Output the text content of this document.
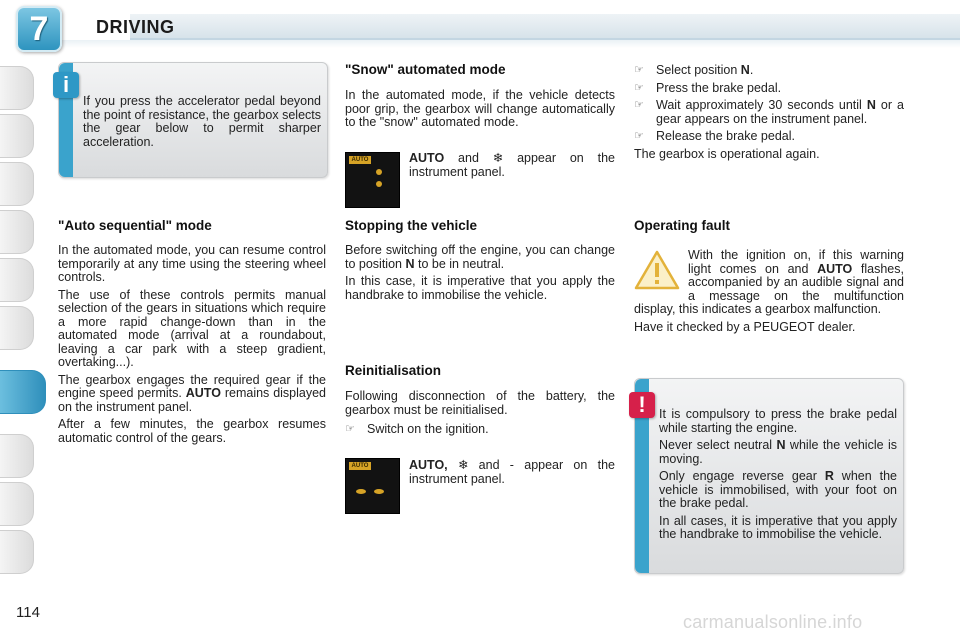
7	DRIVING
If you press the accelerator pedal beyond the point of resistance, the gearbox selects the gear below to permit sharper acceleration.
i
"Auto sequential" mode

In the automated mode, you can resume control temporarily at any time using the steering wheel controls.

The use of these controls permits manual selection of the gears in situations which require a more rapid change-down than in the automated mode (arrival at a roundabout, leaving a car park with a steep gradient, overtaking...).

The gearbox engages the required gear if the engine speed permits. AUTO remains displayed on the instrument panel.

After a few minutes, the gearbox resumes automatic control of the gears.

"Snow" automated mode

In the automated mode, if the vehicle detects poor grip, the gearbox will change automatically to the "snow" automated mode.

AUTO	AUTO and ❄ appear on the instrument panel.
Stopping the vehicle

Before switching off the engine, you can change to position N to be in neutral.

In this case, it is imperative that you apply the handbrake to immobilise the vehicle.

Reinitialisation

Following disconnection of the battery, the gearbox must be reinitialised.

☞ Switch on the ignition.
AUTO	AUTO, ❄ and - appear on the instrument panel.
☞ Select position N.
☞ Press the brake pedal.
☞ Wait approximately 30 seconds until N or a gear appears on the instrument panel.
☞ Release the brake pedal.

The gearbox is operational again.

Operating fault

With the ignition on, if this warning light comes on and AUTO flashes, accompanied by an audible signal and a message on the multifunction display, this indicates a gearbox malfunction.

Have it checked by a PEUGEOT dealer.

It is compulsory to press the brake pedal while starting the engine.

Never select neutral N while the vehicle is moving.

Only engage reverse gear R when the vehicle is immobilised, with your foot on the brake pedal.

In all cases, it is imperative that you apply the handbrake to immobilise the vehicle.

!
114	carmanualsonline.info
